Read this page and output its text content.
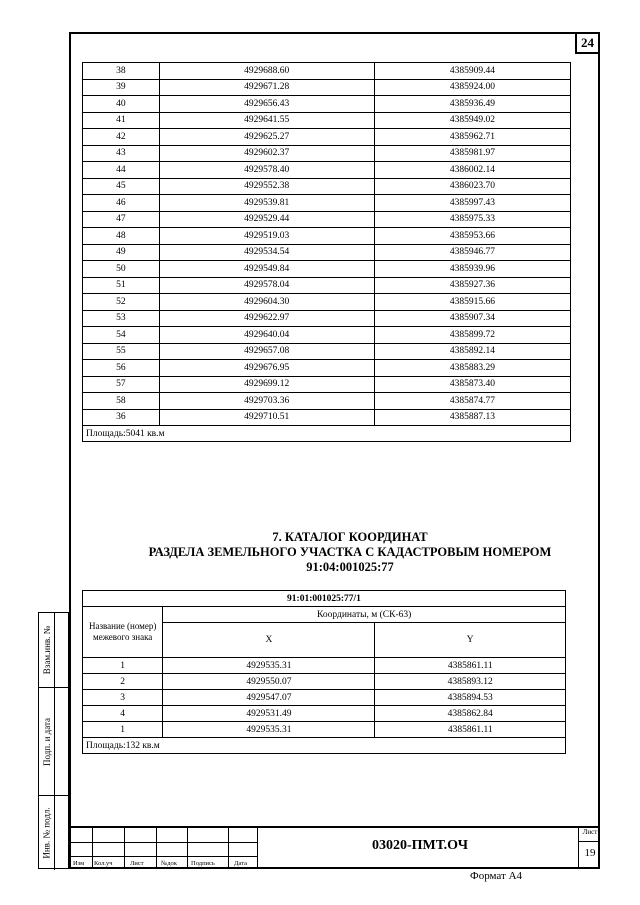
24
38	4929688.60	4385909.44
39	4929671.28	4385924.00
40	4929656.43	4385936.49
41	4929641.55	4385949.02
42	4929625.27	4385962.71
43	4929602.37	4385981.97
44	4929578.40	4386002.14
45	4929552.38	4386023.70
46	4929539.81	4385997.43
47	4929529.44	4385975.33
48	4929519.03	4385953.66
49	4929534.54	4385946.77
50	4929549.84	4385939.96
51	4929578.04	4385927.36
52	4929604.30	4385915.66
53	4929622.97	4385907.34
54	4929640.04	4385899.72
55	4929657.08	4385892.14
56	4929676.95	4385883.29
57	4929699.12	4385873.40
58	4929703.36	4385874.77
36	4929710.51	4385887.13
Площадь:5041 кв.м		
7. КАТАЛОГ КООРДИНАТ
РАЗДЕЛА ЗЕМЕЛЬНОГО УЧАСТКА С КАДАСТРОВЫМ НОМЕРОМ
91:04:001025:77
91:01:001025:77/1		
Название (номер) межевого знака	Координаты, м (СК-63)	
	X	Y
1	4929535.31	4385861.11
2	4929550.07	4385893.12
3	4929547.07	4385894.53
4	4929531.49	4385862.84
1	4929535.31	4385861.11
Площадь:132 кв.м		
Взам.инв. №
Подп. и дата
Инв. № подл.
Изм Кол.уч	Лист	№док Подпись	Дата
03020-ПМТ.ОЧ
Лист
19
Формат А4
